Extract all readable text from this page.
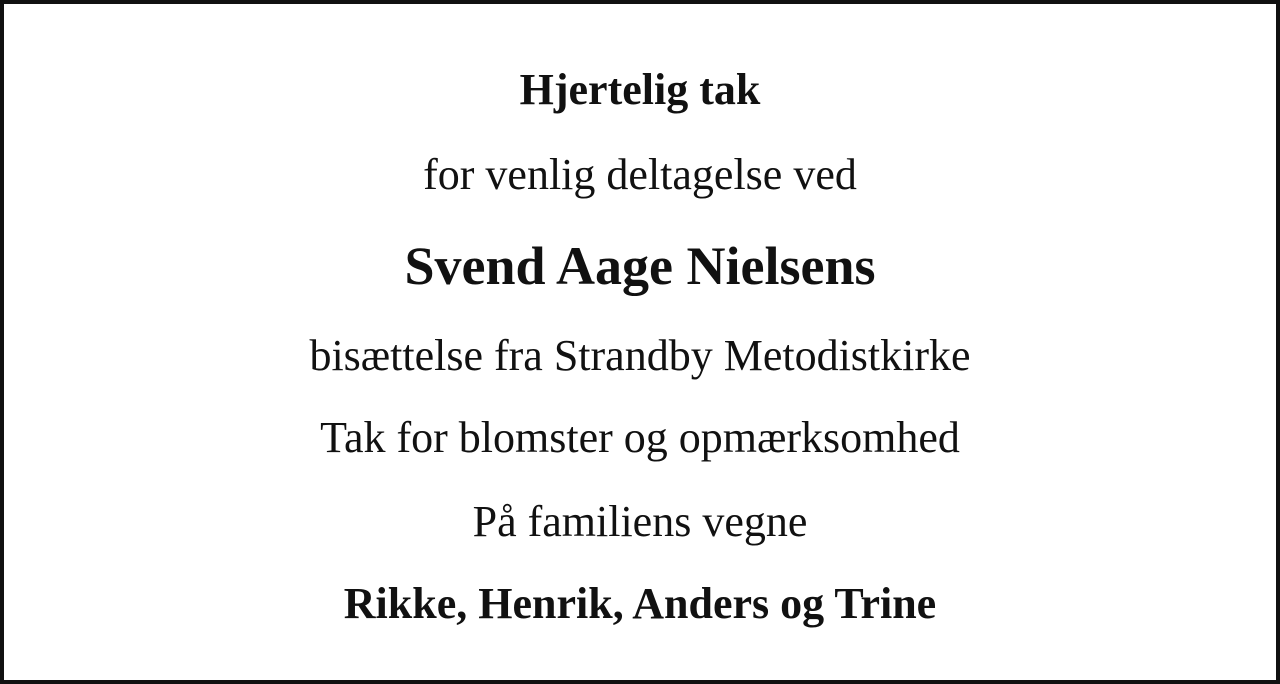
Hjertelig tak
for venlig deltagelse ved
Svend Aage Nielsens
bisættelse fra Strandby Metodistkirke
Tak for blomster og opmærksomhed
På familiens vegne
Rikke, Henrik, Anders og Trine
